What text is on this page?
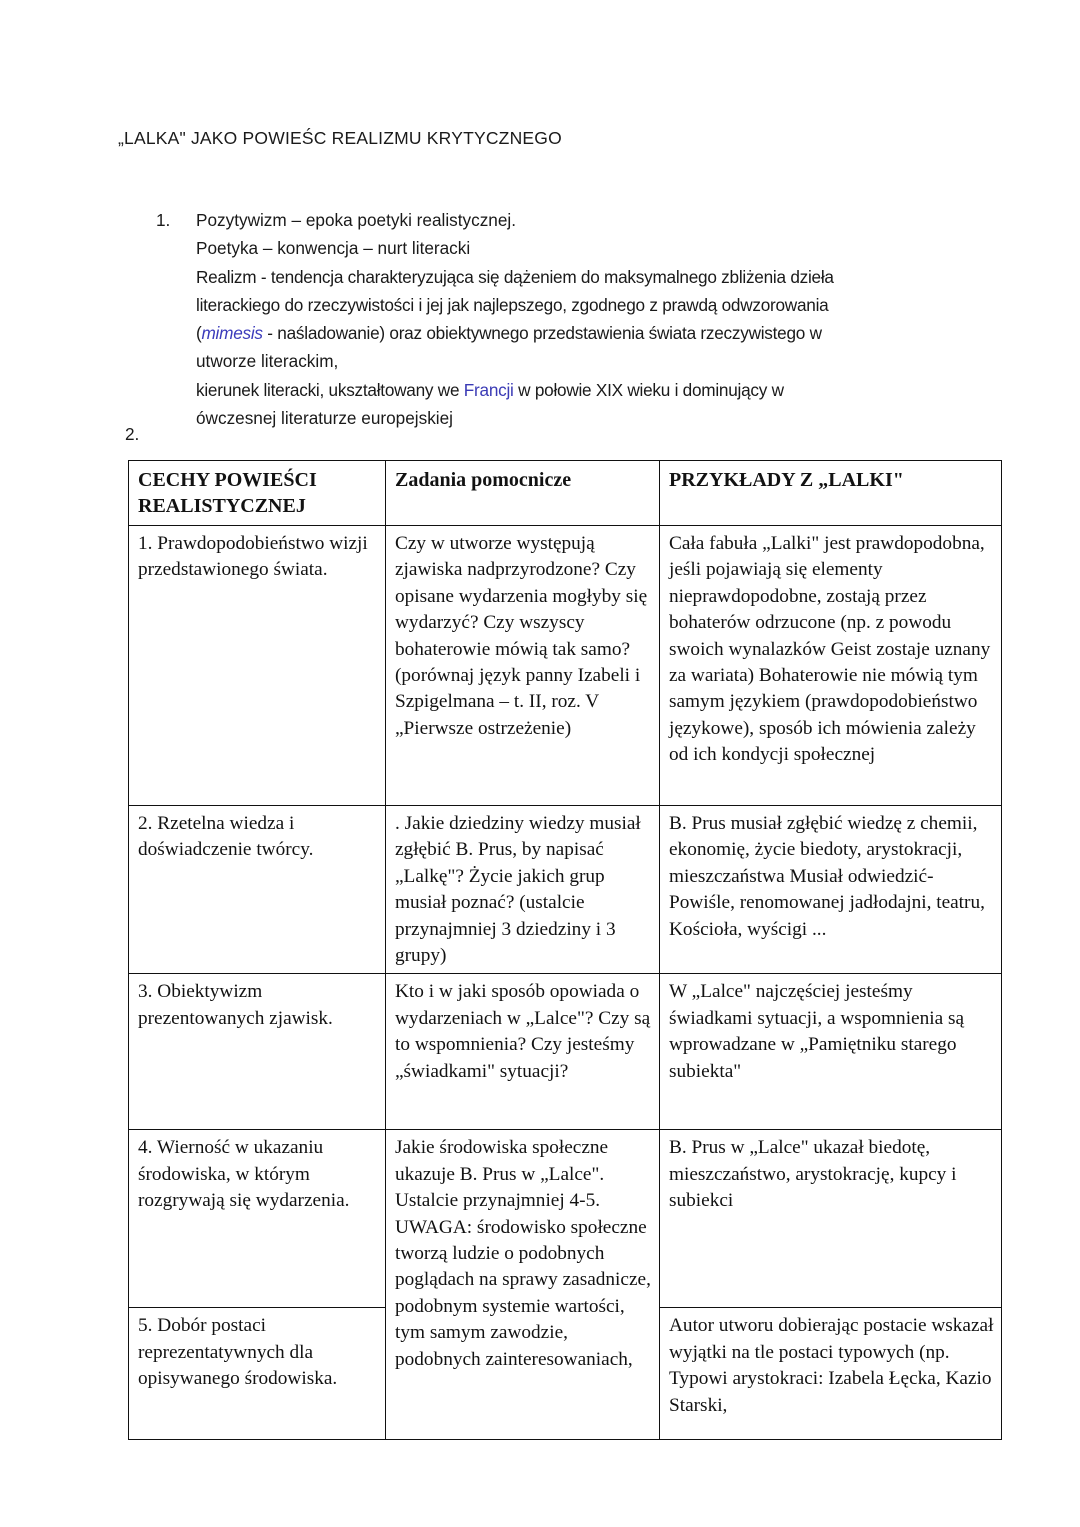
„LALKA" JAKO POWIEŚC REALIZMU KRYTYCZNEGO
1.	Pozytywizm – epoka poetyki realistycznej.

Poetyka – konwencja – nurt literacki

Realizm - tendencja charakteryzująca się dążeniem do maksymalnego zbliżenia dzieła

literackiego do rzeczywistości i jej jak najlepszego, zgodnego z prawdą odwzorowania

(mimesis - naśladowanie) oraz obiektywnego przedstawienia świata rzeczywistego w

utworze literackim,

kierunek literacki, ukształtowany we Francji w połowie XIX wieku i dominujący w

ówczesnej literaturze europejskiej

2.
CECHY POWIEŚCI REALISTYCZNEJ	Zadania pomocnicze	PRZYKŁADY Z „LALKI"
1. Prawdopodobieństwo wizji przedstawionego świata.	Czy w utworze występują zjawiska nadprzyrodzone? Czy opisane wydarzenia mogłyby się wydarzyć? Czy wszyscy bohaterowie mówią tak samo? (porównaj język panny Izabeli i Szpigelmana – t. II, roz. V „Pierwsze ostrzeżenie)	Cała fabuła „Lalki" jest prawdopodobna, jeśli pojawiają się elementy nieprawdopodobne, zostają przez bohaterów odrzucone (np. z powodu swoich wynalazków Geist zostaje uznany za wariata) Bohaterowie nie mówią tym samym językiem (prawdopodobieństwo językowe), sposób ich mówienia zależy od ich kondycji społecznej
2. Rzetelna wiedza i doświadczenie twórcy.	. Jakie dziedziny wiedzy musiał zgłębić B. Prus, by napisać „Lalkę"? Życie jakich grup musiał poznać? (ustalcie przynajmniej 3 dziedziny i 3 grupy)	B. Prus musiał zgłębić wiedzę z chemii, ekonomię, życie biedoty, arystokracji, mieszczaństwa Musiał odwiedzić- Powiśle, renomowanej jadłodajni, teatru, Kościoła, wyścigi ...
3. Obiektywizm prezentowanych zjawisk.	Kto i w jaki sposób opowiada o wydarzeniach w „Lalce"? Czy są to wspomnienia? Czy jesteśmy „świadkami" sytuacji?	W „Lalce" najczęściej jesteśmy świadkami sytuacji, a wspomnienia są wprowadzane w „Pamiętniku starego subiekta"
4. Wierność w ukazaniu środowiska, w którym rozgrywają się wydarzenia.	Jakie środowiska społeczne ukazuje B. Prus w „Lalce". Ustalcie przynajmniej 4-5. UWAGA: środowisko społeczne tworzą ludzie o podobnych poglądach na sprawy zasadnicze, podobnym systemie wartości, tym samym zawodzie, podobnych zainteresowaniach,	B. Prus w „Lalce" ukazał biedotę, mieszczaństwo, arystokrację, kupcy i subiekci
5. Dobór postaci reprezentatywnych dla opisywanego środowiska.		Autor utworu dobierając postacie wskazał wyjątki na tle postaci typowych (np. Typowi arystokraci: Izabela Łęcka, Kazio Starski,
